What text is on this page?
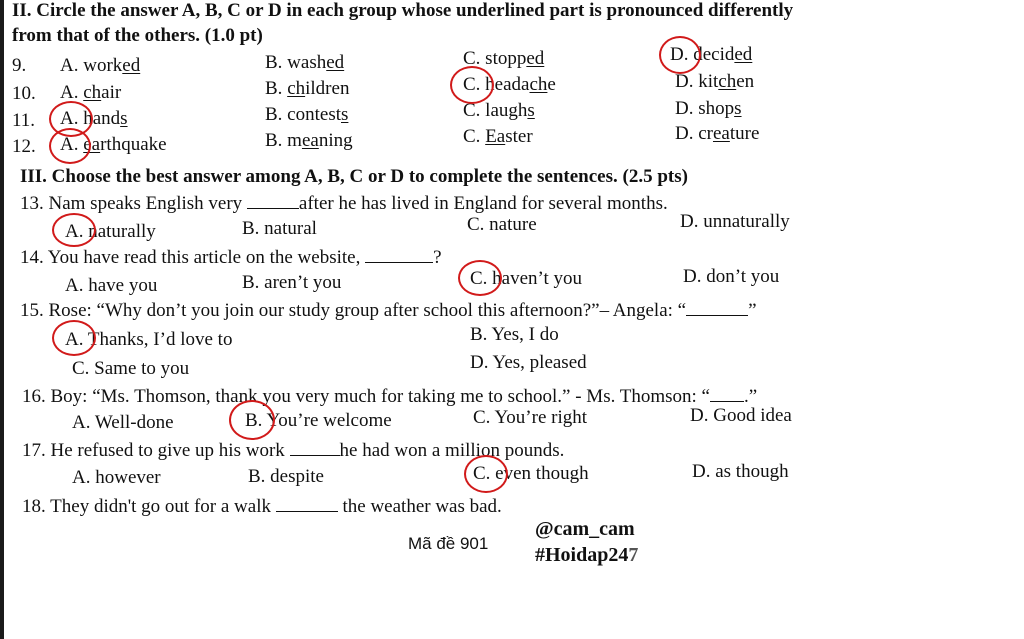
II. Circle the answer A, B, C or D in each group whose underlined part is pronounced differently
from that of the others. (1.0 pt)
9. A. worked	B. washed	C. stopped	D. decided
10. A. chair	B. children	C. headache	D. kitchen
11. A. hands	B. contests	C. laughs	D. shops
12. A. earthquake	B. meaning	C. Easter	D. creature
III. Choose the best answer among A, B, C or D to complete the sentences. (2.5 pts)
13. Nam speaks English very	after he has lived in England for several months.
A. naturally	B. natural	C. nature	D. unnaturally
14. You have read this article on the website,	?
A. have you	B. aren’t you	C. haven’t you	D. don’t you
15. Rose: “Why don’t you join our study group after school this afternoon?”– Angela: “	”
A. Thanks, I’d love to	B. Yes, I do
C. Same to you	D. Yes, pleased
16. Boy: “Ms. Thomson, thank you very much for taking me to school.” - Ms. Thomson: “ .”
A. Well-done	B. You’re welcome	C. You’re right	D. Good idea
17. He refused to give up his work	he had won a million pounds.
A. however	B. despite	C. even though	D. as though
18. They didn't go out for a walk	the weather was bad.
Mã đề 901
@cam_cam
#Hoidap247
